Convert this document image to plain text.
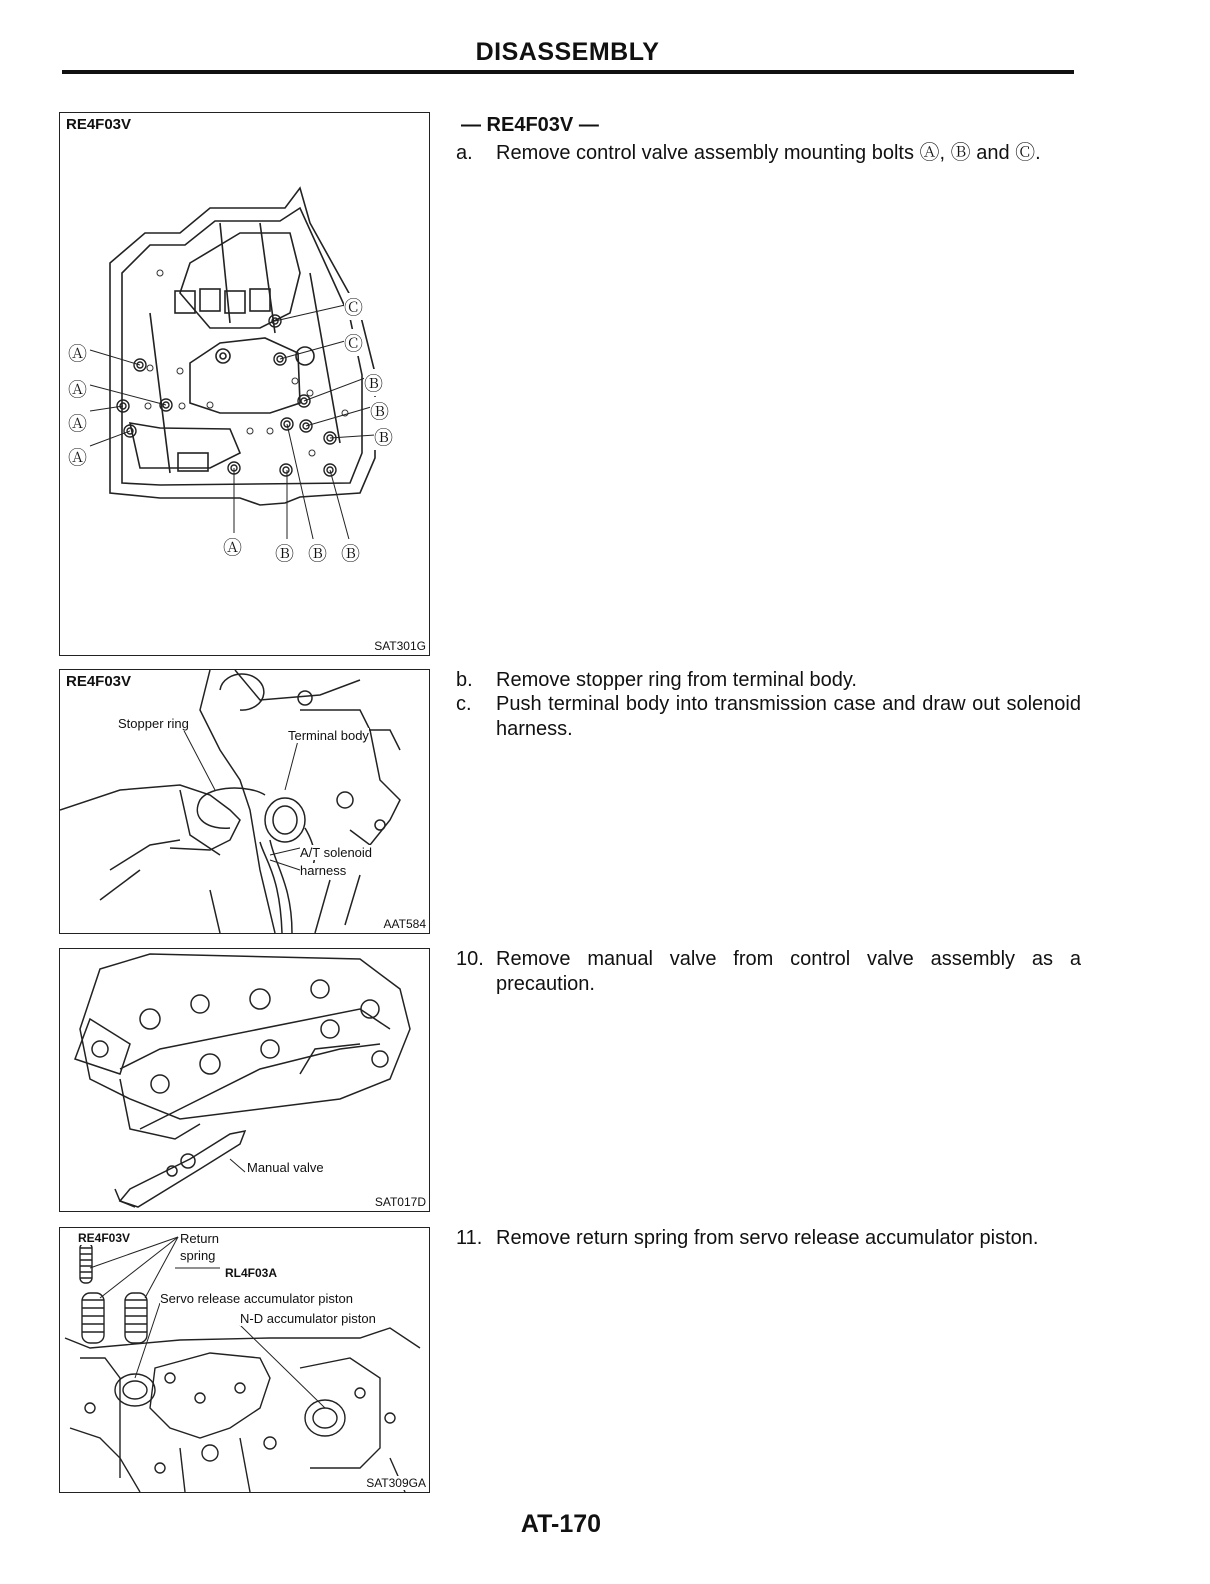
DISASSEMBLY
Ⓐ
Ⓐ
Ⓐ
Ⓐ
Ⓒ
Ⓒ
Ⓑ
Ⓑ
Ⓑ
Ⓐ Ⓑ Ⓑ Ⓑ
RE4F03V
SAT301G
Stopper ring
Terminal body
A/T solenoid
harness
RE4F03V
AAT584
Manual valve
SAT017D
RE4F03V	Return
spring
RL4F03A
Servo release accumulator piston
N-D accumulator piston
SAT309GA
— RE4F03V —
a.	Remove control valve assembly mounting bolts Ⓐ, Ⓑ and Ⓒ.
b.	Remove stopper ring from terminal body.
c.	Push terminal body into transmission case and draw out solenoid harness.
10. Remove manual valve from control valve assembly as a precaution.
11. Remove return spring from servo release accumulator piston.
AT-170
